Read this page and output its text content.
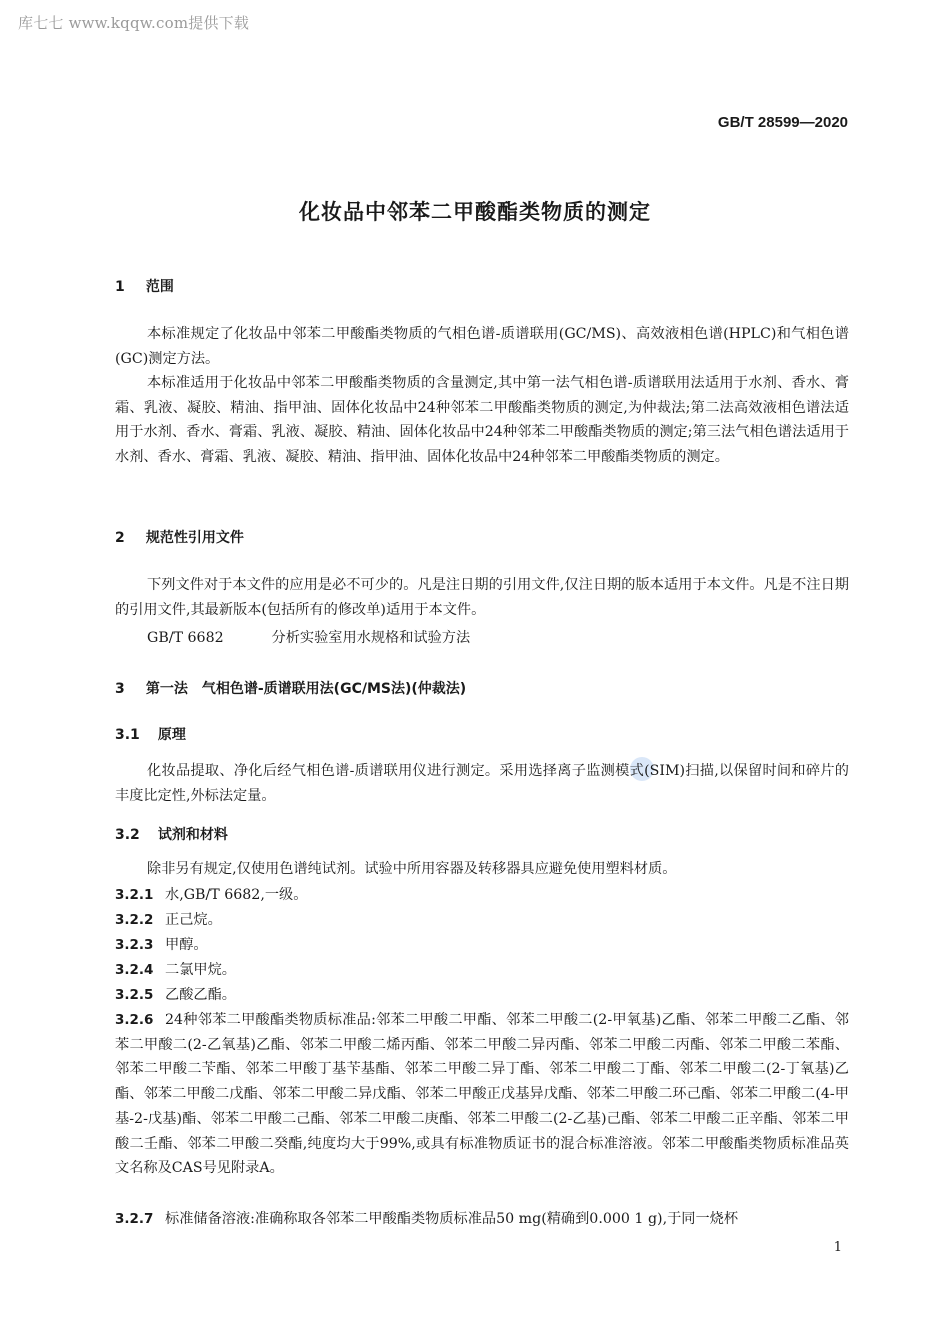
库七七 www.kqqw.com提供下载
GB/T 28599—2020
化妆品中邻苯二甲酸酯类物质的测定
1 范围
本标准规定了化妆品中邻苯二甲酸酯类物质的气相色谱-质谱联用(GC/MS)、高效液相色谱(HPLC)和气相色谱(GC)测定方法。
本标准适用于化妆品中邻苯二甲酸酯类物质的含量测定,其中第一法气相色谱-质谱联用法适用于水剂、香水、膏霜、乳液、凝胶、精油、指甲油、固体化妆品中24种邻苯二甲酸酯类物质的测定,为仲裁法;第二法高效液相色谱法适用于水剂、香水、膏霜、乳液、凝胶、精油、固体化妆品中24种邻苯二甲酸酯类物质的测定;第三法气相色谱法适用于水剂、香水、膏霜、乳液、凝胶、精油、指甲油、固体化妆品中24种邻苯二甲酸酯类物质的测定。
2 规范性引用文件
下列文件对于本文件的应用是必不可少的。凡是注日期的引用文件,仅注日期的版本适用于本文件。凡是不注日期的引用文件,其最新版本(包括所有的修改单)适用于本文件。
GB/T 6682	分析实验室用水规格和试验方法
3 第一法　气相色谱-质谱联用法(GC/MS法)(仲裁法)
3.1 原理
化妆品提取、净化后经气相色谱-质谱联用仪进行测定。采用选择离子监测模式(SIM)扫描,以保留时间和碎片的丰度比定性,外标法定量。
3.2 试剂和材料
除非另有规定,仅使用色谱纯试剂。试验中所用容器及转移器具应避免使用塑料材质。
3.2.1 水,GB/T 6682,一级。
3.2.2 正己烷。
3.2.3 甲醇。
3.2.4 二氯甲烷。
3.2.5 乙酸乙酯。
3.2.6 24种邻苯二甲酸酯类物质标准品:邻苯二甲酸二甲酯、邻苯二甲酸二(2-甲氧基)乙酯、邻苯二甲酸二乙酯、邻苯二甲酸二(2-乙氧基)乙酯、邻苯二甲酸二烯丙酯、邻苯二甲酸二异丙酯、邻苯二甲酸二丙酯、邻苯二甲酸二苯酯、邻苯二甲酸二苄酯、邻苯二甲酸丁基苄基酯、邻苯二甲酸二异丁酯、邻苯二甲酸二丁酯、邻苯二甲酸二(2-丁氧基)乙酯、邻苯二甲酸二戊酯、邻苯二甲酸二异戊酯、邻苯二甲酸正戊基异戊酯、邻苯二甲酸二环己酯、邻苯二甲酸二(4-甲基-2-戊基)酯、邻苯二甲酸二己酯、邻苯二甲酸二庚酯、邻苯二甲酸二(2-乙基)己酯、邻苯二甲酸二正辛酯、邻苯二甲酸二壬酯、邻苯二甲酸二癸酯,纯度均大于99%,或具有标准物质证书的混合标准溶液。邻苯二甲酸酯类物质标准品英文名称及CAS号见附录A。
3.2.7 标准储备溶液:准确称取各邻苯二甲酸酯类物质标准品50 mg(精确到0.000 1 g),于同一烧杯
1
